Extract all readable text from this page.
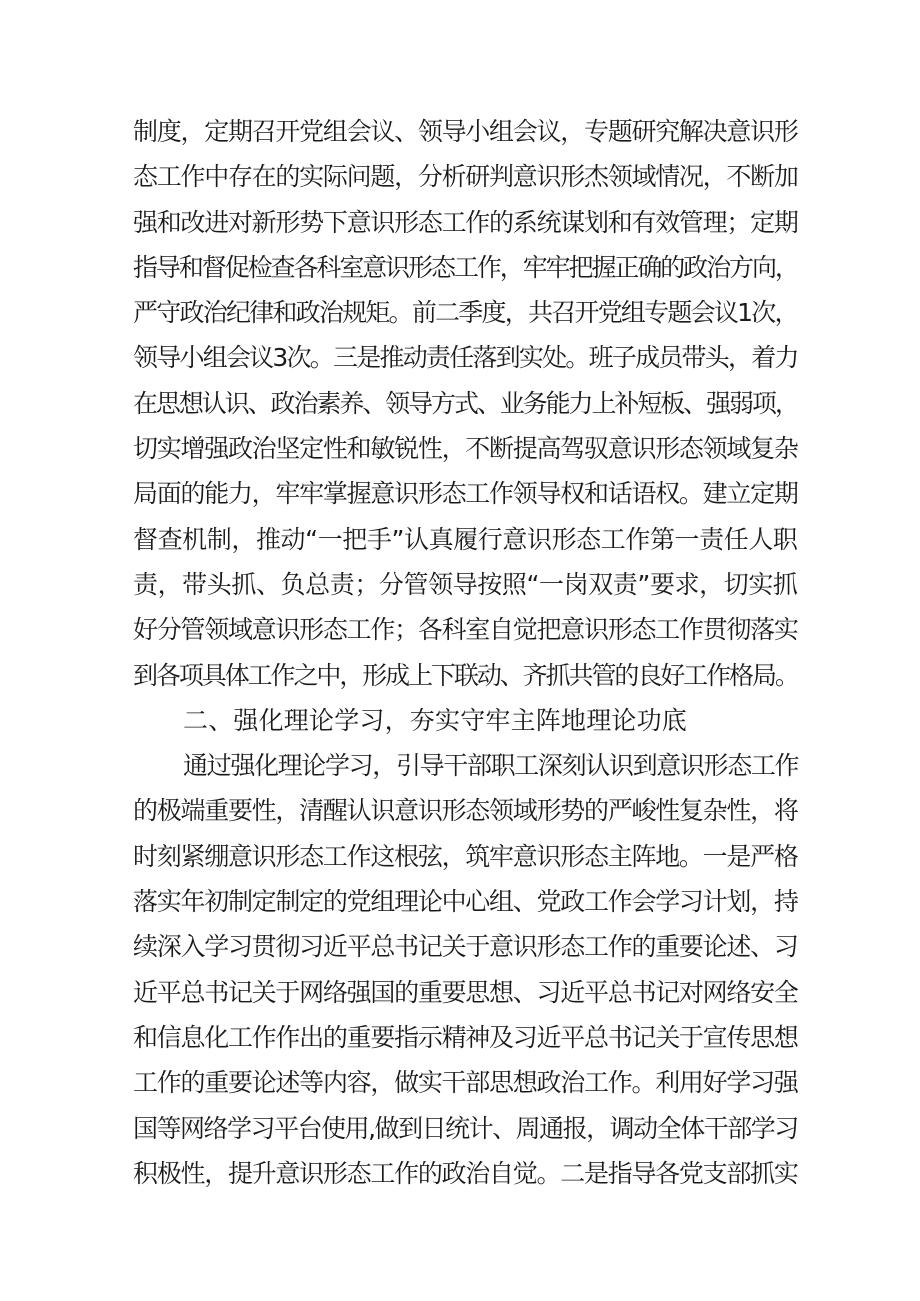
制度，定期召开党组会议、领导小组会议，专题研究解决意识形
态工作中存在的实际问题，分析研判意识形杰领域情况，不断加
强和改进对新形势下意识形态工作的系统谋划和有效管理；定期
指导和督促检查各科室意识形态工作，牢牢把握正确的政治方向，
严守政治纪律和政治规矩。前二季度，共召开党组专题会议1次，
领导小组会议3次。三是推动责任落到实处。班子成员带头，着力
在思想认识、政治素养、领导方式、业务能力上补短板、强弱项，
切实增强政治坚定性和敏锐性，不断提高驾驭意识形态领域复杂
局面的能力，牢牢掌握意识形态工作领导权和话语权。建立定期
督查机制，推动“一把手”认真履行意识形态工作第一责任人职
责，带头抓、负总责；分管领导按照“一岗双责”要求，切实抓
好分管领域意识形态工作；各科室自觉把意识形态工作贯彻落实
到各项具体工作之中，形成上下联动、齐抓共管的良好工作格局。
二、强化理论学习，夯实守牢主阵地理论功底
通过强化理论学习，引导干部职工深刻认识到意识形态工作
的极端重要性，清醒认识意识形态领域形势的严峻性复杂性，将
时刻紧绷意识形态工作这根弦，筑牢意识形态主阵地。一是严格
落实年初制定制定的党组理论中心组、党政工作会学习计划，持
续深入学习贯彻习近平总书记关于意识形态工作的重要论述、习
近平总书记关于网络强国的重要思想、习近平总书记对网络安全
和信息化工作作出的重要指示精神及习近平总书记关于宣传思想
工作的重要论述等内容，做实干部思想政治工作。利用好学习强
国等网络学习平台使用,做到日统计、周通报，调动全体干部学习
积极性，提升意识形态工作的政治自觉。二是指导各党支部抓实
